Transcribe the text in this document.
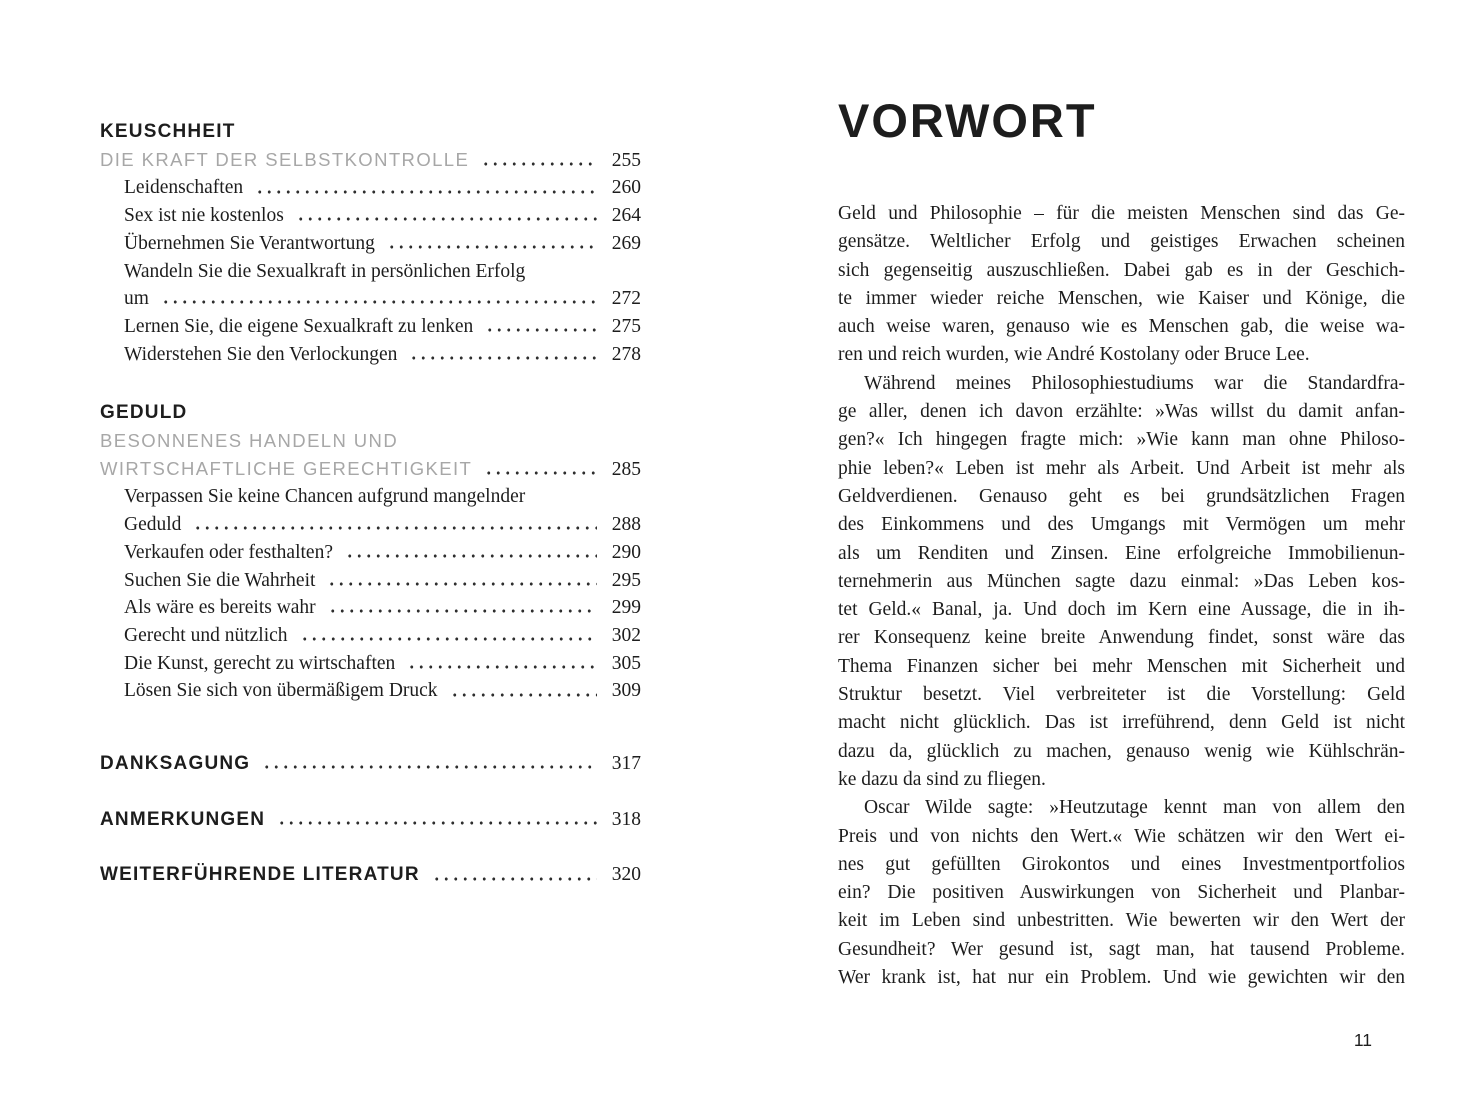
KEUSCHHEIT
DIE KRAFT DER SELBSTKONTROLLE	255
Leidenschaften	260
Sex ist nie kostenlos	264
Übernehmen Sie Verantwortung	269
Wandeln Sie die Sexualkraft in persönlichen Erfolg
um	272
Lernen Sie, die eigene Sexualkraft zu lenken	275
Widerstehen Sie den Verlockungen	278
GEDULD
BESONNENES HANDELN UND
WIRTSCHAFTLICHE GERECHTIGKEIT	285
Verpassen Sie keine Chancen aufgrund mangelnder
Geduld	288
Verkaufen oder festhalten?	290
Suchen Sie die Wahrheit	295
Als wäre es bereits wahr	299
Gerecht und nützlich	302
Die Kunst, gerecht zu wirtschaften	305
Lösen Sie sich von übermäßigem Druck	309
DANKSAGUNG	317
ANMERKUNGEN	318
WEITERFÜHRENDE LITERATUR	320
VORWORT
Geld und Philosophie – für die meisten Menschen sind das Ge-
gensätze. Weltlicher Erfolg und geistiges Erwachen scheinen
sich gegenseitig auszuschließen. Dabei gab es in der Geschich-
te immer wieder reiche Menschen, wie Kaiser und Könige, die
auch weise waren, genauso wie es Menschen gab, die weise wa-
ren und reich wurden, wie André Kostolany oder Bruce Lee.
Während meines Philosophiestudiums war die Standardfra-
ge aller, denen ich davon erzählte: »Was willst du damit anfan-
gen?« Ich hingegen fragte mich: »Wie kann man ohne Philoso-
phie leben?« Leben ist mehr als Arbeit. Und Arbeit ist mehr als
Geldverdienen. Genauso geht es bei grundsätzlichen Fragen
des Einkommens und des Umgangs mit Vermögen um mehr
als um Renditen und Zinsen. Eine erfolgreiche Immobilienun-
ternehmerin aus München sagte dazu einmal: »Das Leben kos-
tet Geld.« Banal, ja. Und doch im Kern eine Aussage, die in ih-
rer Konsequenz keine breite Anwendung findet, sonst wäre das
Thema Finanzen sicher bei mehr Menschen mit Sicherheit und
Struktur besetzt. Viel verbreiteter ist die Vorstellung: Geld
macht nicht glücklich. Das ist irreführend, denn Geld ist nicht
dazu da, glücklich zu machen, genauso wenig wie Kühlschrän-
ke dazu da sind zu fliegen.
Oscar Wilde sagte: »Heutzutage kennt man von allem den
Preis und von nichts den Wert.« Wie schätzen wir den Wert ei-
nes gut gefüllten Girokontos und eines Investmentportfolios
ein? Die positiven Auswirkungen von Sicherheit und Planbar-
keit im Leben sind unbestritten. Wie bewerten wir den Wert der
Gesundheit? Wer gesund ist, sagt man, hat tausend Probleme.
Wer krank ist, hat nur ein Problem. Und wie gewichten wir den
11
